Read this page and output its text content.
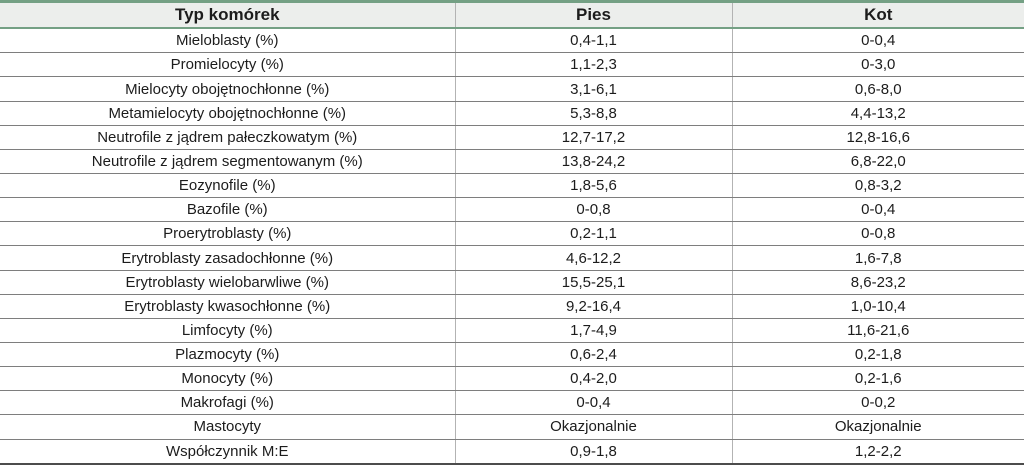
Typ komórek	Pies	Kot
Mieloblasty (%)	0,4-1,1	0-0,4
Promielocyty (%)	1,1-2,3	0-3,0
Mielocyty obojętnochłonne (%)	3,1-6,1	0,6-8,0
Metamielocyty obojętnochłonne (%)	5,3-8,8	4,4-13,2
Neutrofile z jądrem pałeczkowatym (%)	12,7-17,2	12,8-16,6
Neutrofile z jądrem segmentowanym (%)	13,8-24,2	6,8-22,0
Eozynofile (%)	1,8-5,6	0,8-3,2
Bazofile (%)	0-0,8	0-0,4
Proerytroblasty (%)	0,2-1,1	0-0,8
Erytroblasty zasadochłonne (%)	4,6-12,2	1,6-7,8
Erytroblasty wielobarwliwe (%)	15,5-25,1	8,6-23,2
Erytroblasty kwasochłonne (%)	9,2-16,4	1,0-10,4
Limfocyty (%)	1,7-4,9	11,6-21,6
Plazmocyty (%)	0,6-2,4	0,2-1,8
Monocyty (%)	0,4-2,0	0,2-1,6
Makrofagi (%)	0-0,4	0-0,2
Mastocyty	Okazjonalnie	Okazjonalnie
Współczynnik M:E	0,9-1,8	1,2-2,2
